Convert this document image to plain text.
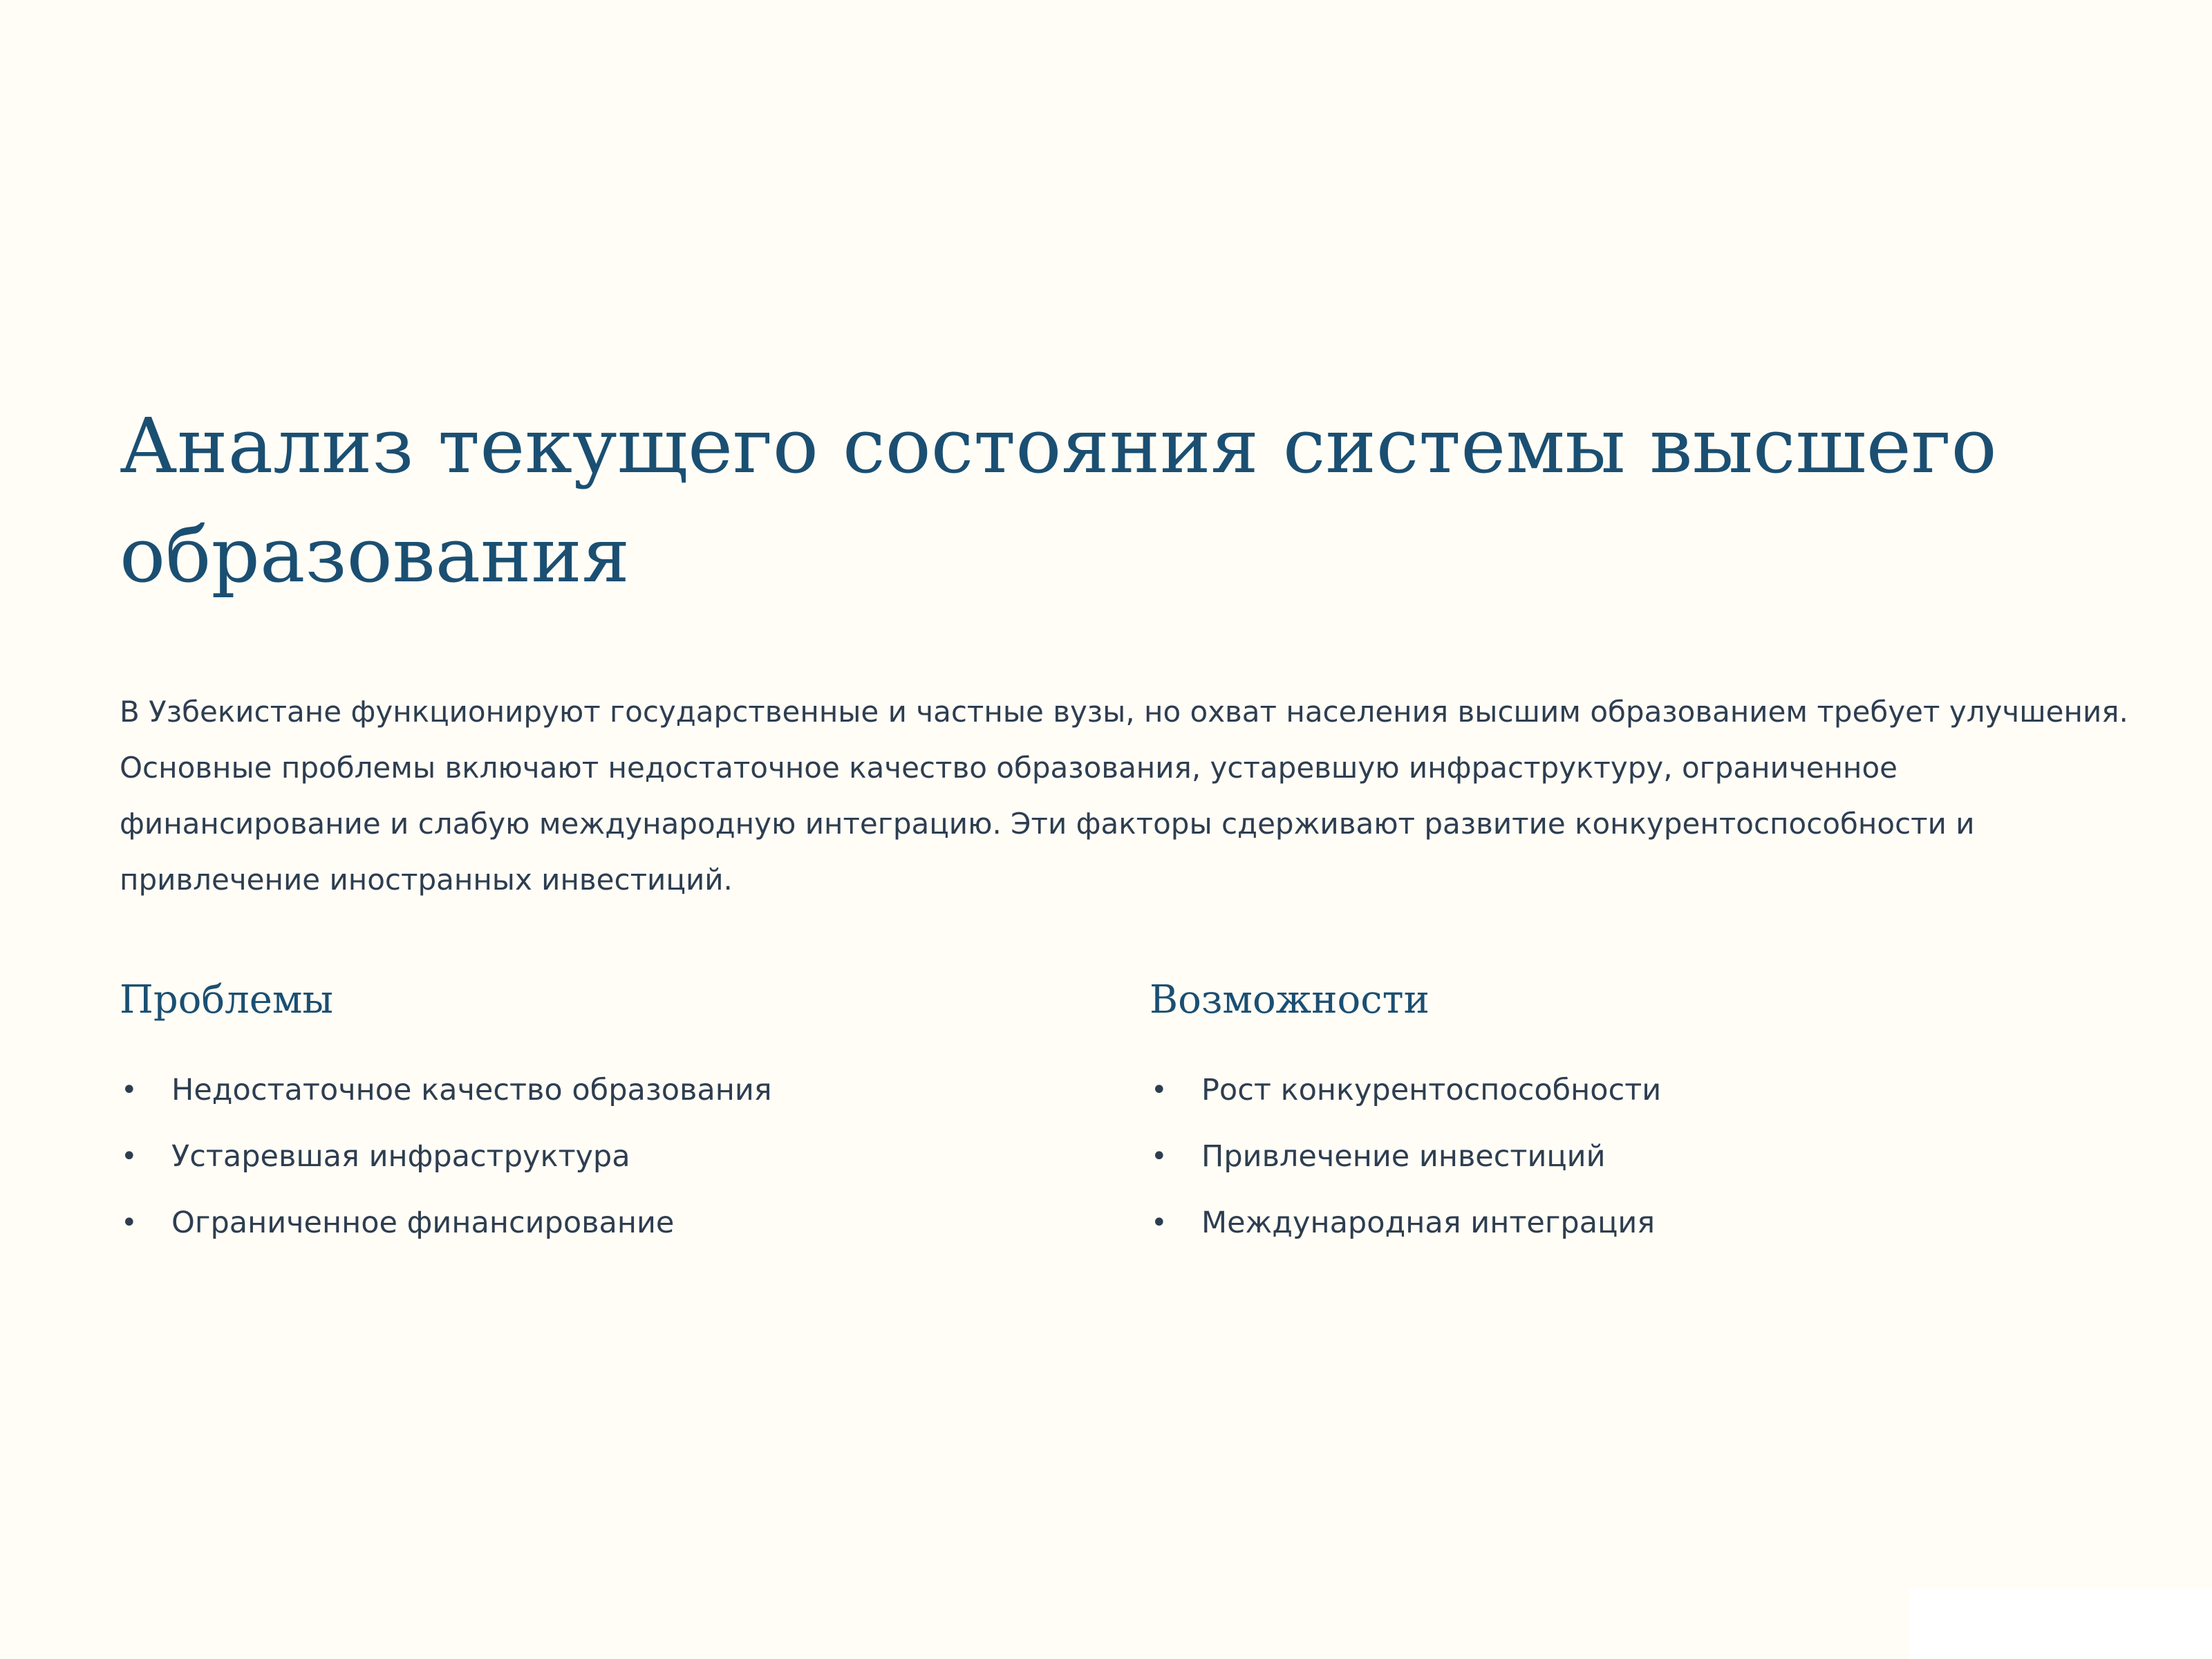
Анализ текущего состояния системы высшего образования

В Узбекистане функционируют государственные и частные вузы, но охват населения высшим образованием требует улучшения. Основные проблемы включают недостаточное качество образования, устаревшую инфраструктуру, ограниченное финансирование и слабую международную интеграцию. Эти факторы сдерживают развитие конкурентоспособности и привлечение иностранных инвестиций.

Проблемы
• Недостаточное качество образования
• Устаревшая инфраструктура
• Ограниченное финансирование
Возможности
• Рост конкурентоспособности
• Привлечение инвестиций
• Международная интеграция
